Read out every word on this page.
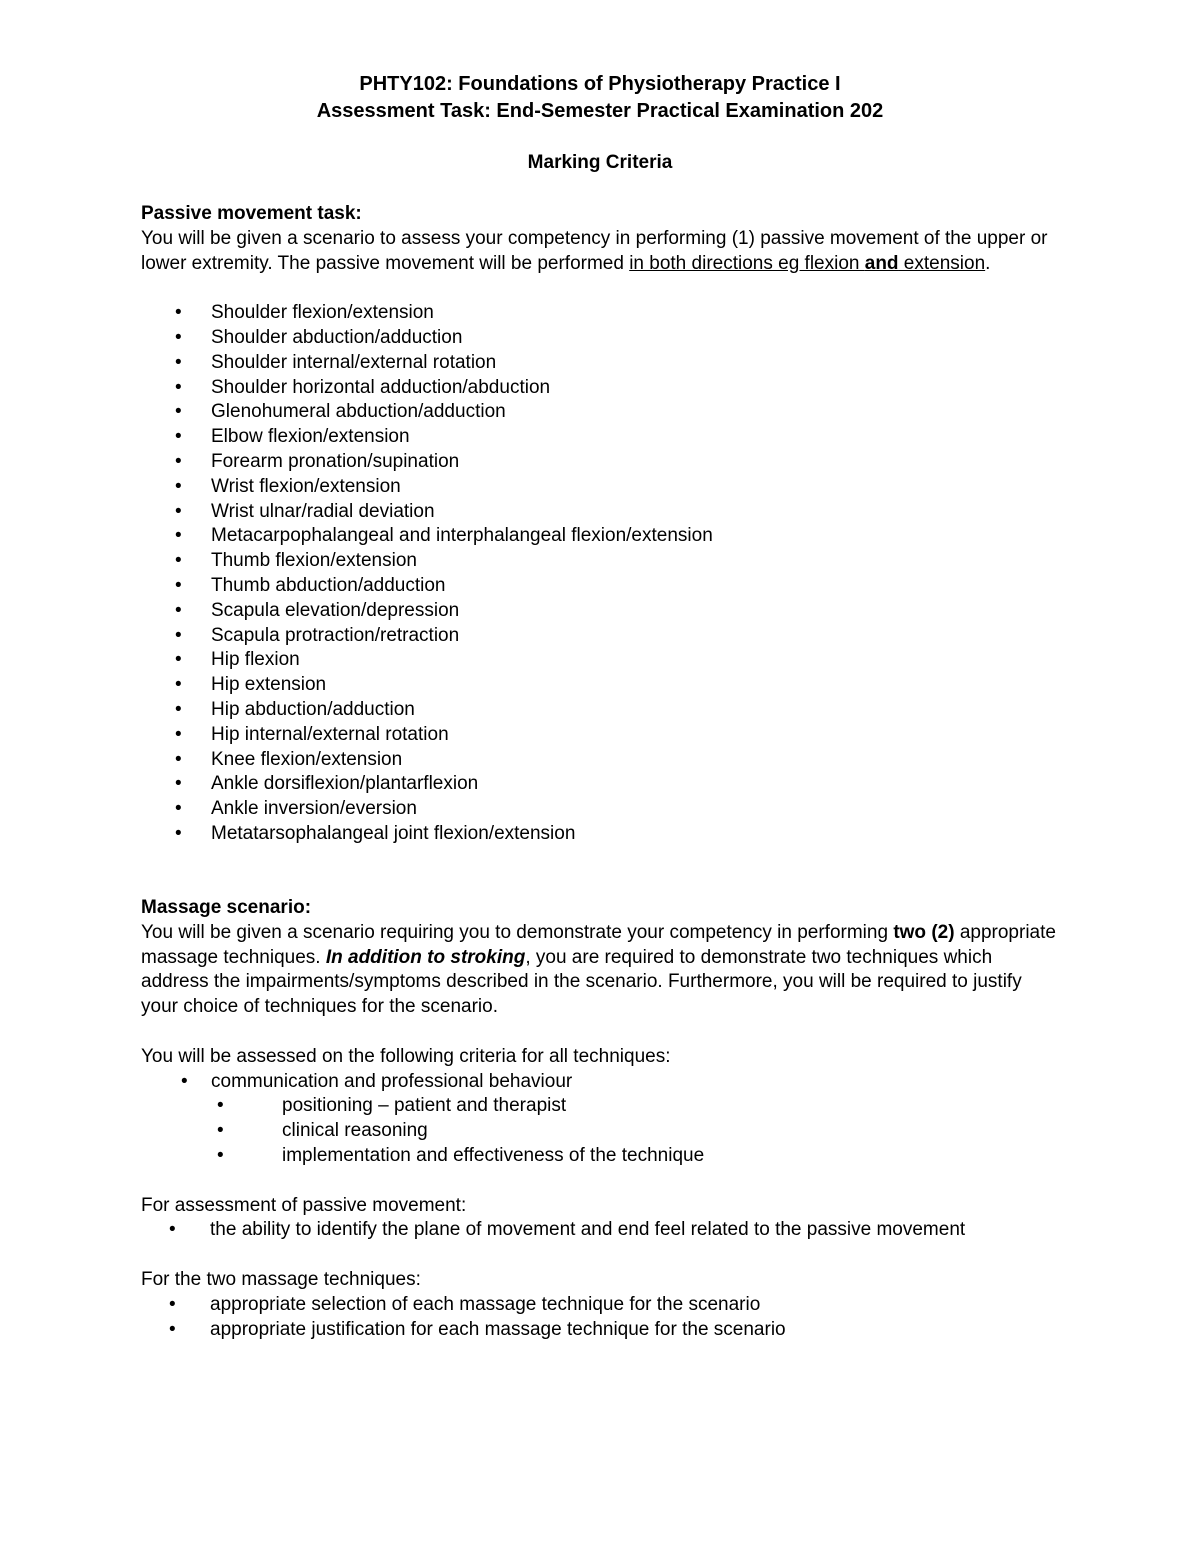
PHTY102: Foundations of Physiotherapy Practice I
Assessment Task: End-Semester Practical Examination 202
Marking Criteria
Passive movement task:
You will be given a scenario to assess your competency in performing (1) passive movement of the upper or lower extremity. The passive movement will be performed in both directions eg flexion and extension.
• Shoulder flexion/extension
• Shoulder abduction/adduction
• Shoulder internal/external rotation
• Shoulder horizontal adduction/abduction
• Glenohumeral abduction/adduction
• Elbow flexion/extension
• Forearm pronation/supination
• Wrist flexion/extension
• Wrist ulnar/radial deviation
• Metacarpophalangeal and interphalangeal flexion/extension
• Thumb flexion/extension
• Thumb abduction/adduction
• Scapula elevation/depression
• Scapula protraction/retraction
• Hip flexion
• Hip extension
• Hip abduction/adduction
• Hip internal/external rotation
• Knee flexion/extension
• Ankle dorsiflexion/plantarflexion
• Ankle inversion/eversion
• Metatarsophalangeal joint flexion/extension
Massage scenario:
You will be given a scenario requiring you to demonstrate your competency in performing two (2) appropriate massage techniques. In addition to stroking, you are required to demonstrate two techniques which address the impairments/symptoms described in the scenario. Furthermore, you will be required to justify your choice of techniques for the scenario.
You will be assessed on the following criteria for all techniques:
• communication and professional behaviour
•	positioning – patient and therapist
•	clinical reasoning
•	implementation and effectiveness of the technique
For assessment of passive movement:
• the ability to identify the plane of movement and end feel related to the passive movement
For the two massage techniques:
• appropriate selection of each massage technique for the scenario
• appropriate justification for each massage technique for the scenario
